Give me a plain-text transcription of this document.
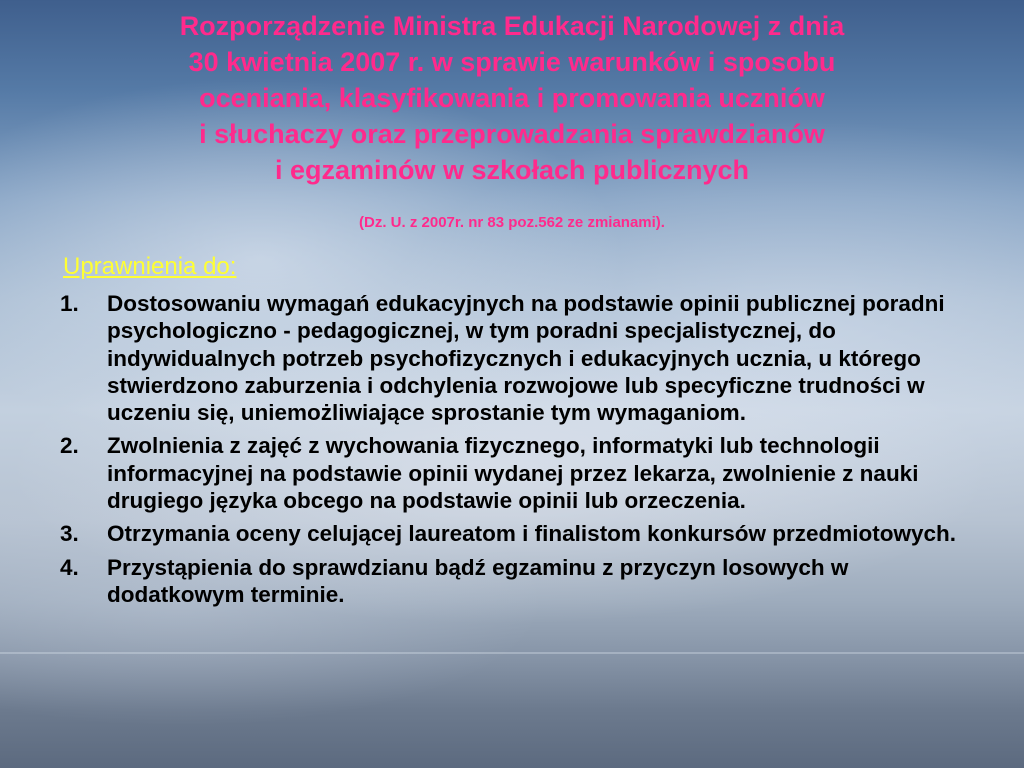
Rozporządzenie Ministra Edukacji Narodowej z dnia
30 kwietnia 2007 r. w sprawie warunków i sposobu
oceniania, klasyfikowania i promowania uczniów
i słuchaczy oraz przeprowadzania sprawdzianów
i egzaminów w szkołach publicznych
(Dz. U. z 2007r. nr 83 poz.562 ze zmianami).
Uprawnienia do:
1.	Dostosowaniu wymagań edukacyjnych na podstawie opinii publicznej poradni psychologiczno - pedagogicznej, w tym poradni specjalistycznej, do indywidualnych potrzeb psychofizycznych i edukacyjnych ucznia, u którego stwierdzono zaburzenia i odchylenia rozwojowe lub specyficzne trudności w uczeniu się, uniemożliwiające sprostanie tym wymaganiom.
2.	Zwolnienia z zajęć z wychowania fizycznego, informatyki lub technologii informacyjnej na podstawie opinii wydanej przez lekarza, zwolnienie z nauki drugiego języka obcego na podstawie opinii lub orzeczenia.
3.	Otrzymania oceny celującej laureatom i finalistom konkursów przedmiotowych.
4.	Przystąpienia do sprawdzianu bądź egzaminu z przyczyn losowych w dodatkowym terminie.
